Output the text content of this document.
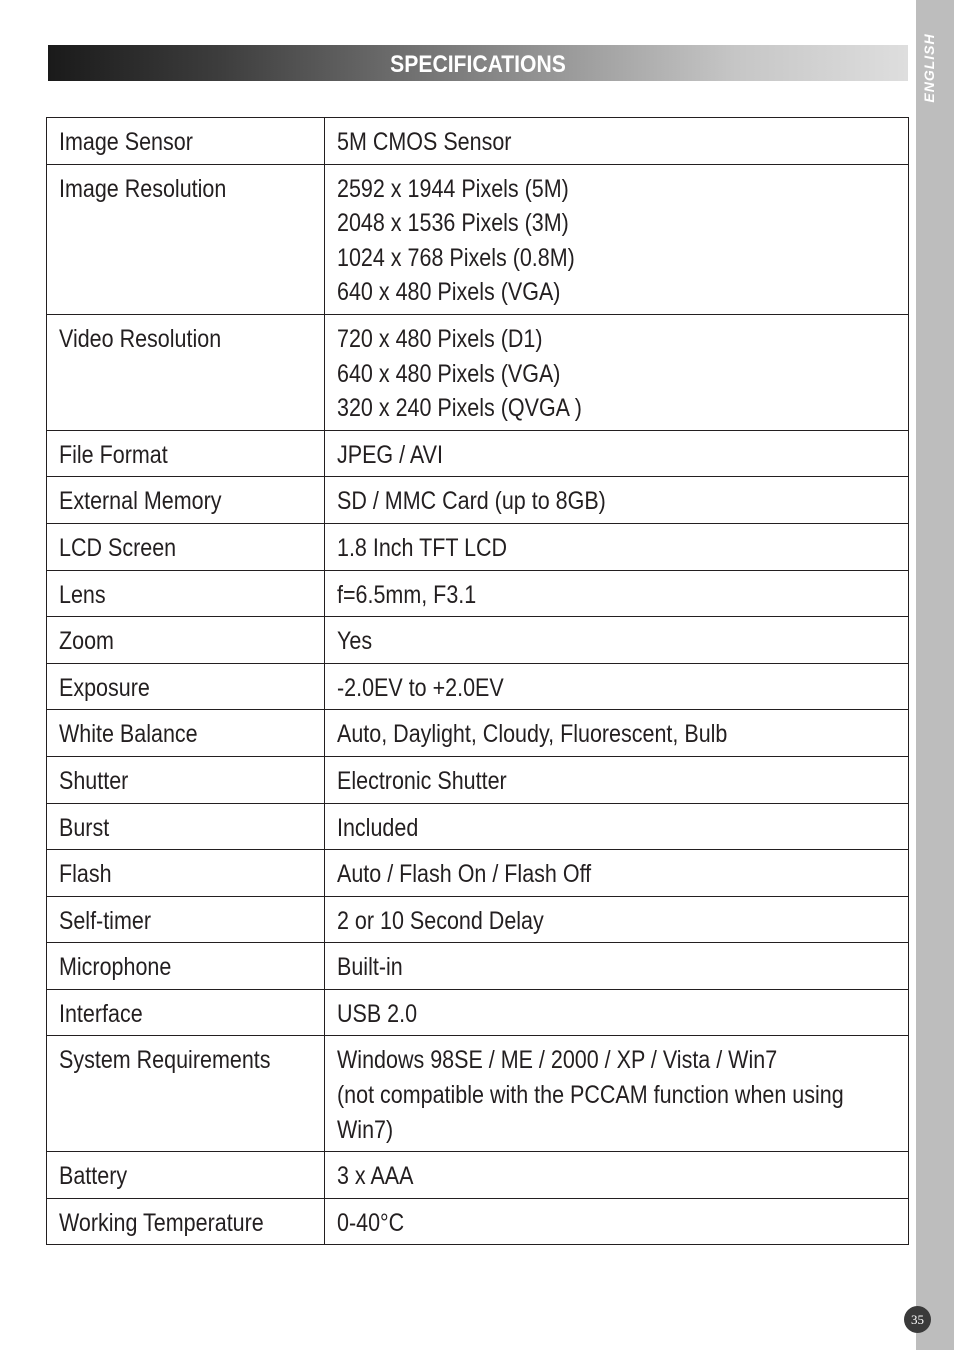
ENGLISH
SPECIFICATIONS
Image Sensor	5M CMOS Sensor
Image Resolution	2592 x 1944 Pixels (5M)
2048 x 1536 Pixels (3M)
1024 x 768 Pixels (0.8M)
640 x 480 Pixels (VGA)
Video Resolution	720 x 480 Pixels (D1)
640 x 480 Pixels (VGA)
320 x 240 Pixels (QVGA )
File Format	JPEG / AVI
External Memory	SD / MMC Card (up to 8GB)
LCD Screen	1.8 Inch TFT LCD
Lens	f=6.5mm, F3.1
Zoom	Yes
Exposure	-2.0EV to +2.0EV
White Balance	Auto, Daylight, Cloudy, Fluorescent, Bulb
Shutter	Electronic Shutter
Burst	Included
Flash	Auto / Flash On / Flash Off
Self-timer	2 or 10 Second Delay
Microphone	Built-in
Interface	USB 2.0
System Requirements	Windows 98SE / ME / 2000 / XP / Vista / Win7
(not compatible with the PCCAM function when using
Win7)
Battery	3 x AAA
Working Temperature	0-40°C
35
